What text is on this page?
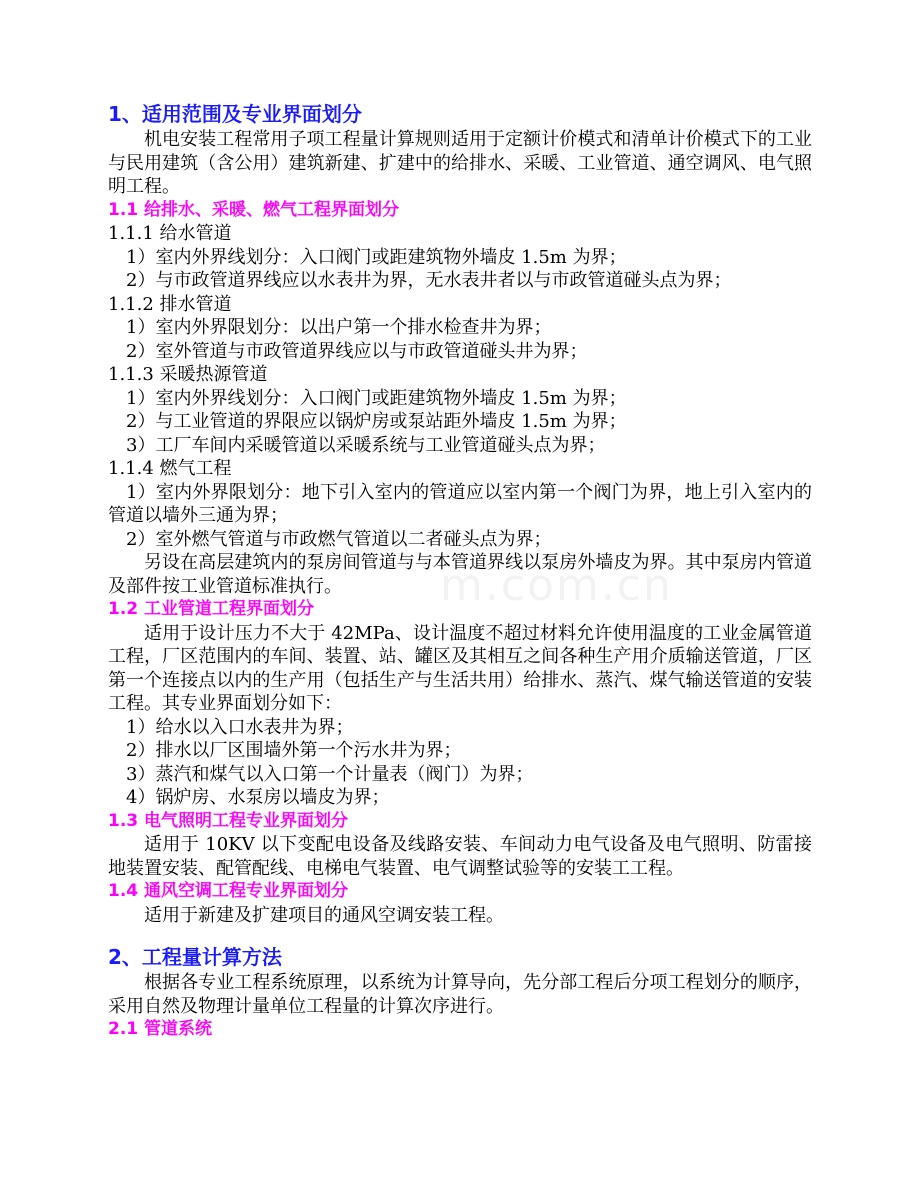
m.com.cn
1、适用范围及专业界面划分
机电安装工程常用子项工程量计算规则适用于定额计价模式和清单计价模式下的工业与民用建筑（含公用）建筑新建、扩建中的给排水、采暖、工业管道、通空调风、电气照明工程。
1.1 给排水、采暖、燃气工程界面划分
1.1.1 给水管道
1）室内外界线划分：入口阀门或距建筑物外墙皮 1.5m 为界；
2）与市政管道界线应以水表井为界，无水表井者以与市政管道碰头点为界；
1.1.2 排水管道
1）室内外界限划分：以出户第一个排水检查井为界；
2）室外管道与市政管道界线应以与市政管道碰头井为界；
1.1.3 采暖热源管道
1）室内外界线划分：入口阀门或距建筑物外墙皮 1.5m 为界；
2）与工业管道的界限应以锅炉房或泵站距外墙皮 1.5m 为界；
3）工厂车间内采暖管道以采暖系统与工业管道碰头点为界；
1.1.4 燃气工程
1）室内外界限划分：地下引入室内的管道应以室内第一个阀门为界，地上引入室内的管道以墙外三通为界；
2）室外燃气管道与市政燃气管道以二者碰头点为界；
另设在高层建筑内的泵房间管道与与本管道界线以泵房外墙皮为界。其中泵房内管道及部件按工业管道标准执行。
1.2 工业管道工程界面划分
适用于设计压力不大于 42MPa、设计温度不超过材料允许使用温度的工业金属管道工程，厂区范围内的车间、装置、站、罐区及其相互之间各种生产用介质输送管道，厂区第一个连接点以内的生产用（包括生产与生活共用）给排水、蒸汽、煤气输送管道的安装工程。其专业界面划分如下：
1）给水以入口水表井为界；
2）排水以厂区围墙外第一个污水井为界；
3）蒸汽和煤气以入口第一个计量表（阀门）为界；
4）锅炉房、水泵房以墙皮为界；
1.3 电气照明工程专业界面划分
适用于 10KV 以下变配电设备及线路安装、车间动力电气设备及电气照明、防雷接地装置安装、配管配线、电梯电气装置、电气调整试验等的安装工工程。
1.4 通风空调工程专业界面划分
适用于新建及扩建项目的通风空调安装工程。
2、工程量计算方法
根据各专业工程系统原理，以系统为计算导向，先分部工程后分项工程划分的顺序，采用自然及物理计量单位工程量的计算次序进行。
2.1 管道系统
